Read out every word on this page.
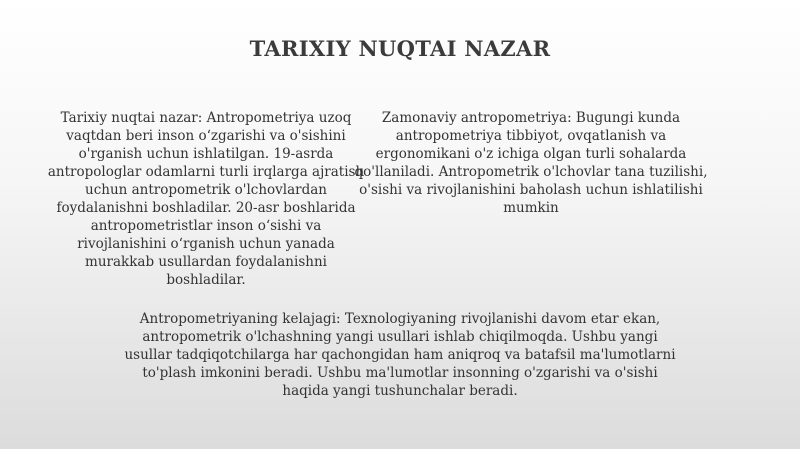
TARIXIY NUQTAI NAZAR

Tarixiy nuqtai nazar: Antropometriya uzoq vaqtdan beri inson o‘zgarishi va o'sishini o'rganish uchun ishlatilgan. 19-asrda antropologlar odamlarni turli irqlarga ajratish uchun antropometrik o'lchovlardan foydalanishni boshladilar. 20-asr boshlarida antropometristlar inson o‘sishi va rivojlanishini o‘rganish uchun yanada murakkab usullardan foydalanishni boshladilar.

Zamonaviy antropometriya: Bugungi kunda antropometriya tibbiyot, ovqatlanish va ergonomikani o'z ichiga olgan turli sohalarda qo'llaniladi. Antropometrik o'lchovlar tana tuzilishi, o'sishi va rivojlanishini baholash uchun ishlatilishi mumkin

Antropometriyaning kelajagi: Texnologiyaning rivojlanishi davom etar ekan, antropometrik o'lchashning yangi usullari ishlab chiqilmoqda. Ushbu yangi usullar tadqiqotchilarga har qachongidan ham aniqroq va batafsil ma'lumotlarni to'plash imkonini beradi. Ushbu ma'lumotlar insonning o'zgarishi va o'sishi haqida yangi tushunchalar beradi.
